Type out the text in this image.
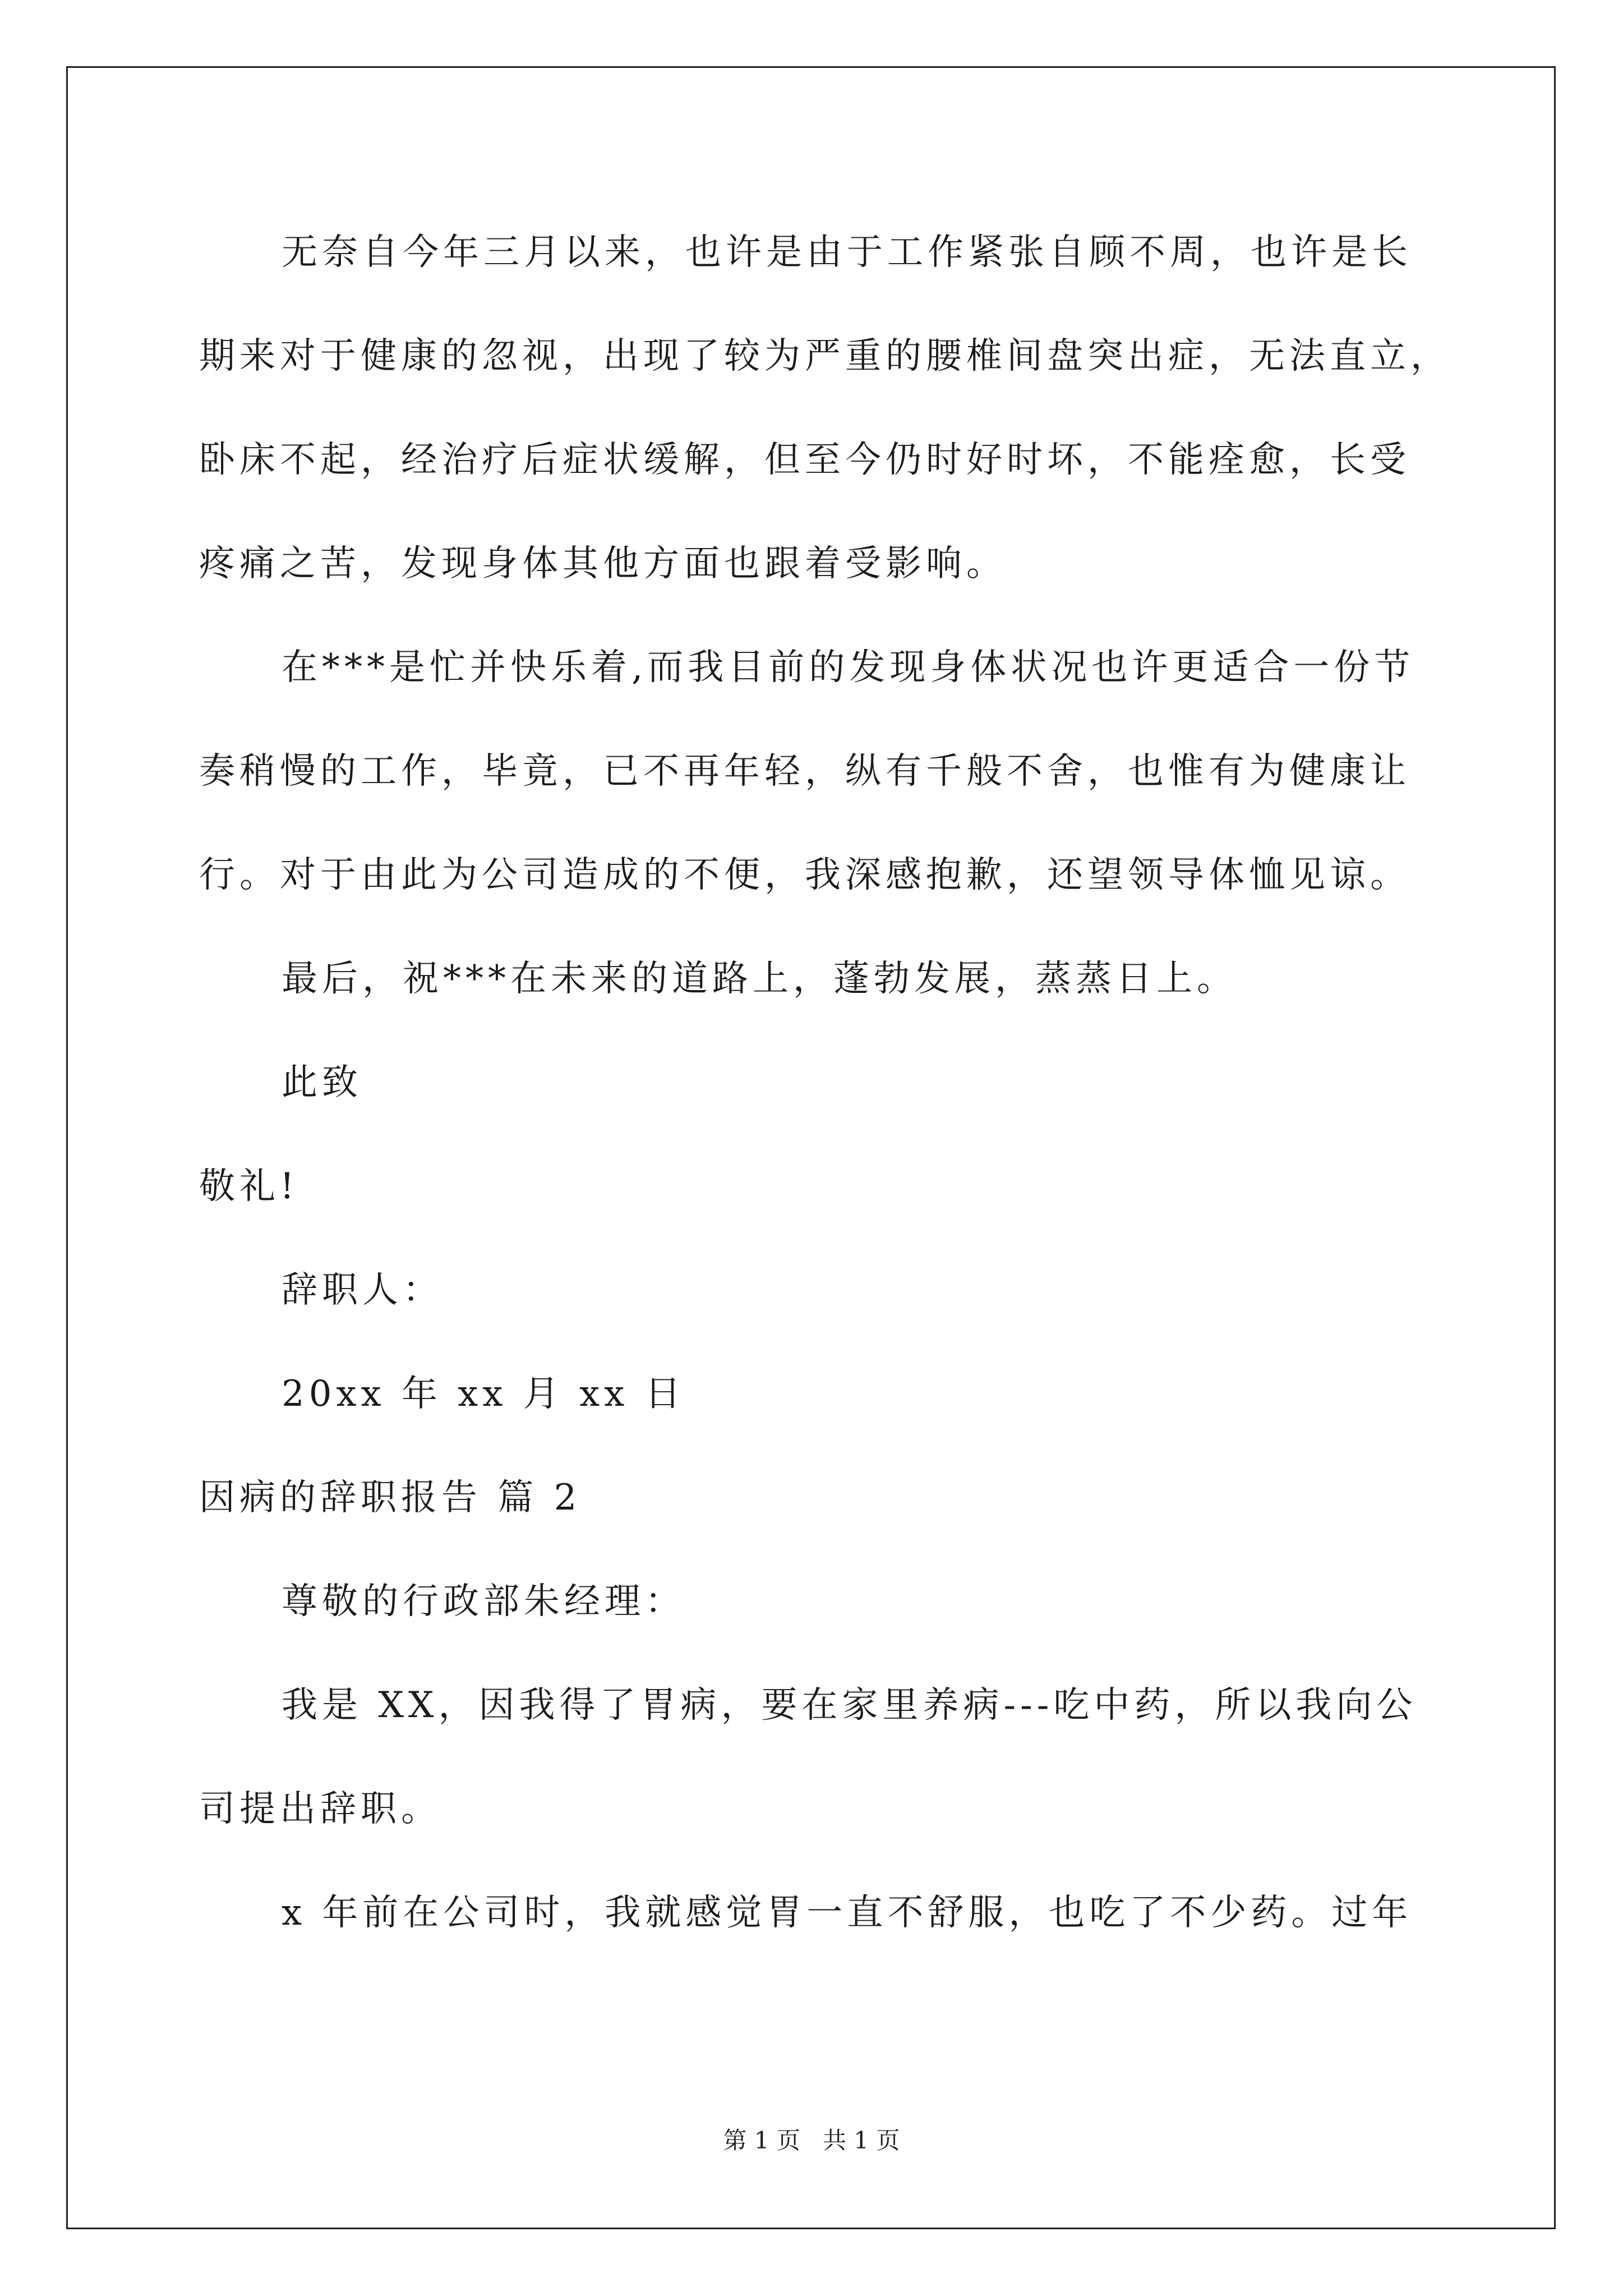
无奈自今年三月以来，也许是由于工作紧张自顾不周，也许是长
期来对于健康的忽视，出现了较为严重的腰椎间盘突出症，无法直立，
卧床不起，经治疗后症状缓解，但至今仍时好时坏，不能痊愈，长受
疼痛之苦，发现身体其他方面也跟着受影响。
在***是忙并快乐着,而我目前的发现身体状况也许更适合一份节
奏稍慢的工作，毕竟，已不再年轻，纵有千般不舍，也惟有为健康让
行。对于由此为公司造成的不便，我深感抱歉，还望领导体恤见谅。
最后，祝***在未来的道路上，蓬勃发展，蒸蒸日上。
此致
敬礼!
辞职人：
20xx 年 xx 月 xx 日
因病的辞职报告 篇 2
尊敬的行政部朱经理：
我是 XX，因我得了胃病，要在家里养病---吃中药，所以我向公
司提出辞职。
x 年前在公司时，我就感觉胃一直不舒服，也吃了不少药。过年
第 1 页   共 1 页
